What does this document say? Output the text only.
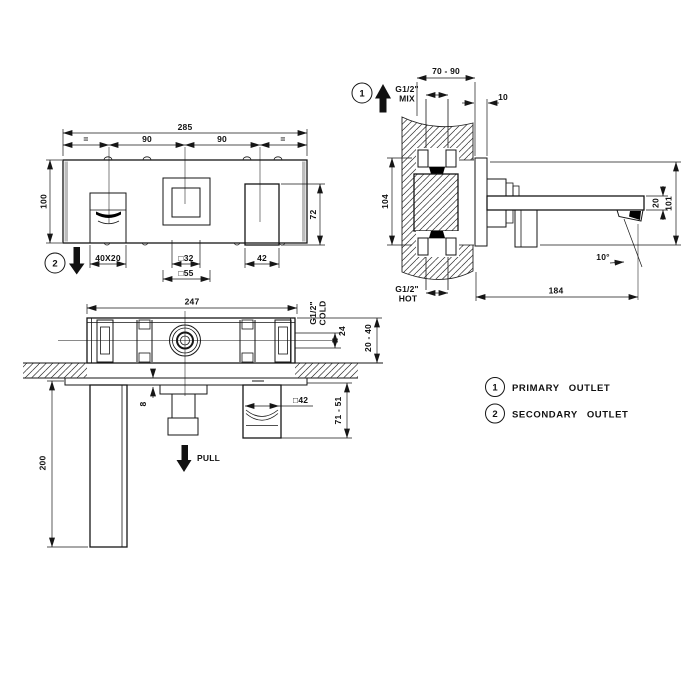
285
=	90	90	=
100
72
40X20	□32
□55
42
2
1
10°
70 - 90
G1/2"
MIX	10
104
G1/2"
HOT
184
20 101
247	G1/2" COLD
24 20 - 40
8
PULL
200
□42	71 - 51
1 PRIMARY OUTLET
2 SECONDARY OUTLET
